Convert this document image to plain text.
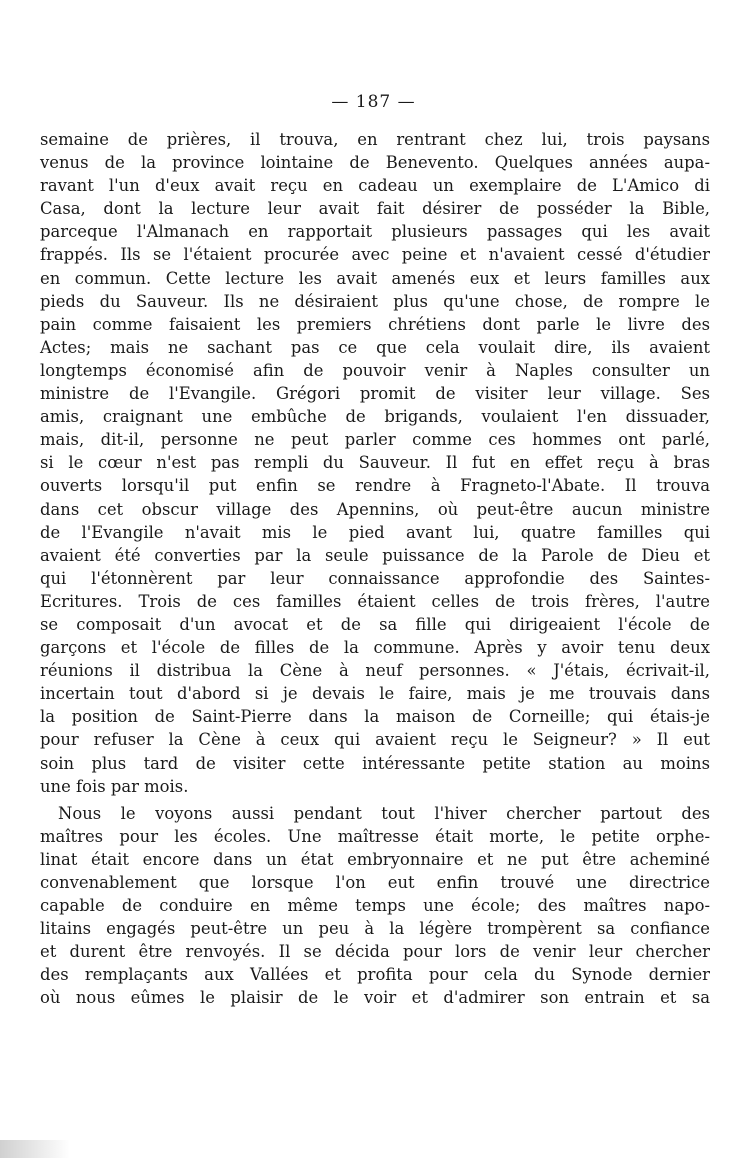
— 187 —
semaine de prières, il trouva, en rentrant chez lui, trois paysans
venus de la province lointaine de Benevento. Quelques années aupa-
ravant l'un d'eux avait reçu en cadeau un exemplaire de L'Amico di
Casa, dont la lecture leur avait fait désirer de posséder la Bible,
parceque l'Almanach en rapportait plusieurs passages qui les avait
frappés. Ils se l'étaient procurée avec peine et n'avaient cessé d'étudier
en commun. Cette lecture les avait amenés eux et leurs familles aux
pieds du Sauveur. Ils ne désiraient plus qu'une chose, de rompre le
pain comme faisaient les premiers chrétiens dont parle le livre des
Actes; mais ne sachant pas ce que cela voulait dire, ils avaient
longtemps économisé afin de pouvoir venir à Naples consulter un
ministre de l'Evangile. Grégori promit de visiter leur village. Ses
amis, craignant une embûche de brigands, voulaient l'en dissuader,
mais, dit-il, personne ne peut parler comme ces hommes ont parlé,
si le cœur n'est pas rempli du Sauveur. Il fut en effet reçu à bras
ouverts lorsqu'il put enfin se rendre à Fragneto-l'Abate. Il trouva
dans cet obscur village des Apennins, où peut-être aucun ministre
de l'Evangile n'avait mis le pied avant lui, quatre familles qui
avaient été converties par la seule puissance de la Parole de Dieu et
qui l'étonnèrent par leur connaissance approfondie des Saintes-
Ecritures. Trois de ces familles étaient celles de trois frères, l'autre
se composait d'un avocat et de sa fille qui dirigeaient l'école de
garçons et l'école de filles de la commune. Après y avoir tenu deux
réunions il distribua la Cène à neuf personnes. « J'étais, écrivait-il,
incertain tout d'abord si je devais le faire, mais je me trouvais dans
la position de Saint-Pierre dans la maison de Corneille; qui étais-je
pour refuser la Cène à ceux qui avaient reçu le Seigneur? » Il eut
soin plus tard de visiter cette intéressante petite station au moins
une fois par mois.
Nous le voyons aussi pendant tout l'hiver chercher partout des
maîtres pour les écoles. Une maîtresse était morte, le petite orphe-
linat était encore dans un état embryonnaire et ne put être acheminé
convenablement que lorsque l'on eut enfin trouvé une directrice
capable de conduire en même temps une école; des maîtres napo-
litains engagés peut-être un peu à la légère trompèrent sa confiance
et durent être renvoyés. Il se décida pour lors de venir leur chercher
des remplaçants aux Vallées et profita pour cela du Synode dernier
où nous eûmes le plaisir de le voir et d'admirer son entrain et sa
